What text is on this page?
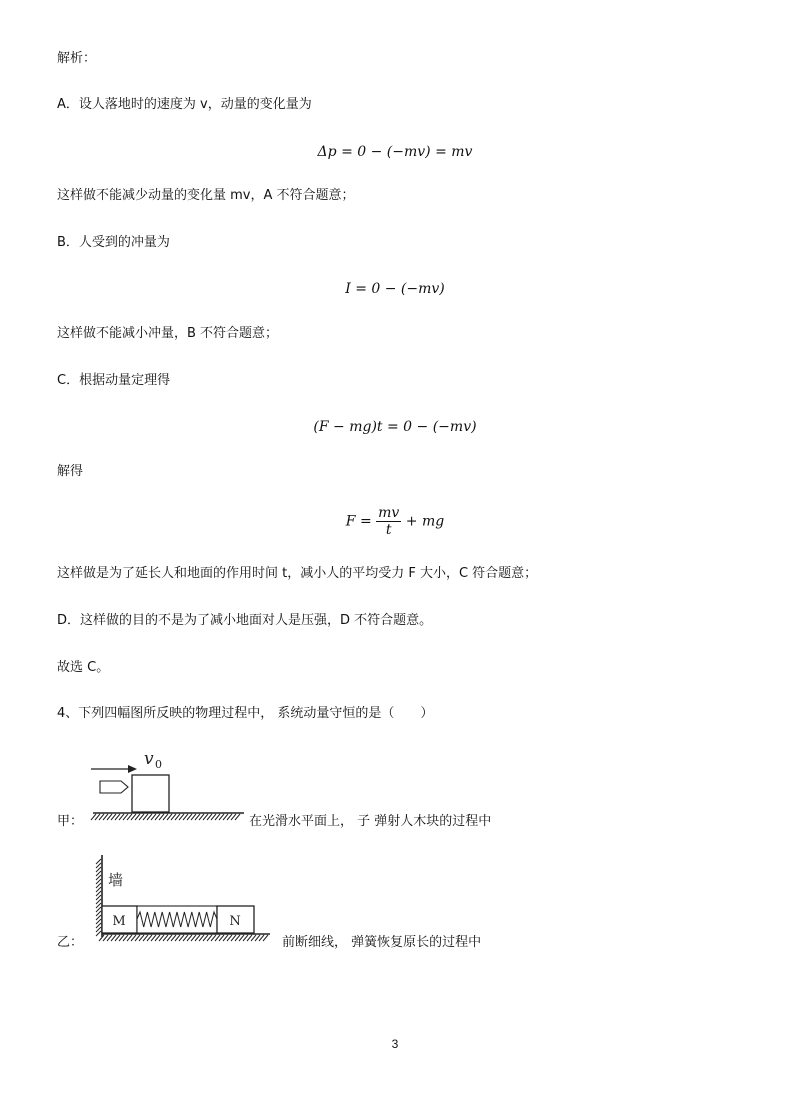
解析：
A．设人落地时的速度为 v，动量的变化量为
Δp = 0 − (−mv) = mv
这样做不能减少动量的变化量 mv，A 不符合题意；
B．人受到的冲量为
I = 0 − (−mv)
这样做不能减小冲量，B 不符合题意；
C．根据动量定理得
(F − mg)t = 0 − (−mv)
解得
$F = \frac{mv}{t}$ + mg
这样做是为了延长人和地面的作用时间 t，减小人的平均受力 F 大小，C 符合题意；
D．这样做的目的不是为了减小地面对人是压强，D 不符合题意。
故选 C。
4、下列四幅图所反映的物理过程中， 系统动量守恒的是（　　）
甲：
v 0
在光滑水平面上， 子 弹射人木块的过程中
乙：
墙
M	N
前断细线， 弹簧恢复原长的过程中
3
